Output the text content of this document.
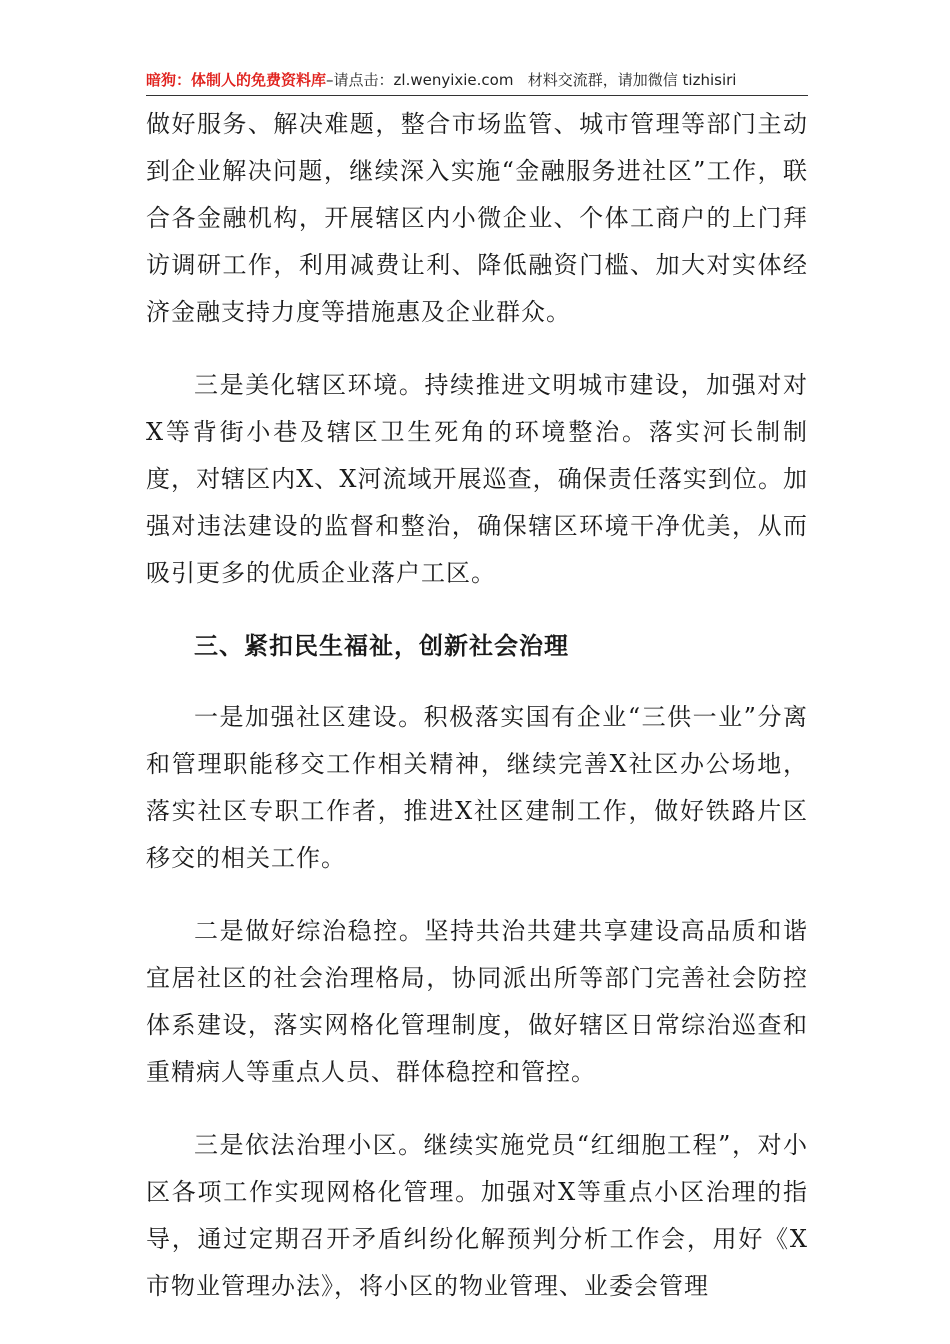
暗狗：体制人的免费资料库–请点击：zl.wenyixie.com 材料交流群，请加微信 tizhisiri

做好服务、解决难题，整合市场监管、城市管理等部门主动到企业解决问题，继续深入实施“金融服务进社区”工作，联合各金融机构，开展辖区内小微企业、个体工商户的上门拜访调研工作，利用减费让利、降低融资门槛、加大对实体经济金融支持力度等措施惠及企业群众。

三是美化辖区环境。持续推进文明城市建设，加强对对X等背街小巷及辖区卫生死角的环境整治。落实河长制制度，对辖区内X、X河流域开展巡查，确保责任落实到位。加强对违法建设的监督和整治，确保辖区环境干净优美，从而吸引更多的优质企业落户工区。

三、紧扣民生福祉，创新社会治理

一是加强社区建设。积极落实国有企业“三供一业”分离和管理职能移交工作相关精神，继续完善X社区办公场地，落实社区专职工作者，推进X社区建制工作，做好铁路片区移交的相关工作。

二是做好综治稳控。坚持共治共建共享建设高品质和谐宜居社区的社会治理格局，协同派出所等部门完善社会防控体系建设，落实网格化管理制度，做好辖区日常综治巡查和重精病人等重点人员、群体稳控和管控。

三是依法治理小区。继续实施党员“红细胞工程”，对小区各项工作实现网格化管理。加强对X等重点小区治理的指导，通过定期召开矛盾纠纷化解预判分析工作会，用好《X市物业管理办法》，将小区的物业管理、业委会管理
